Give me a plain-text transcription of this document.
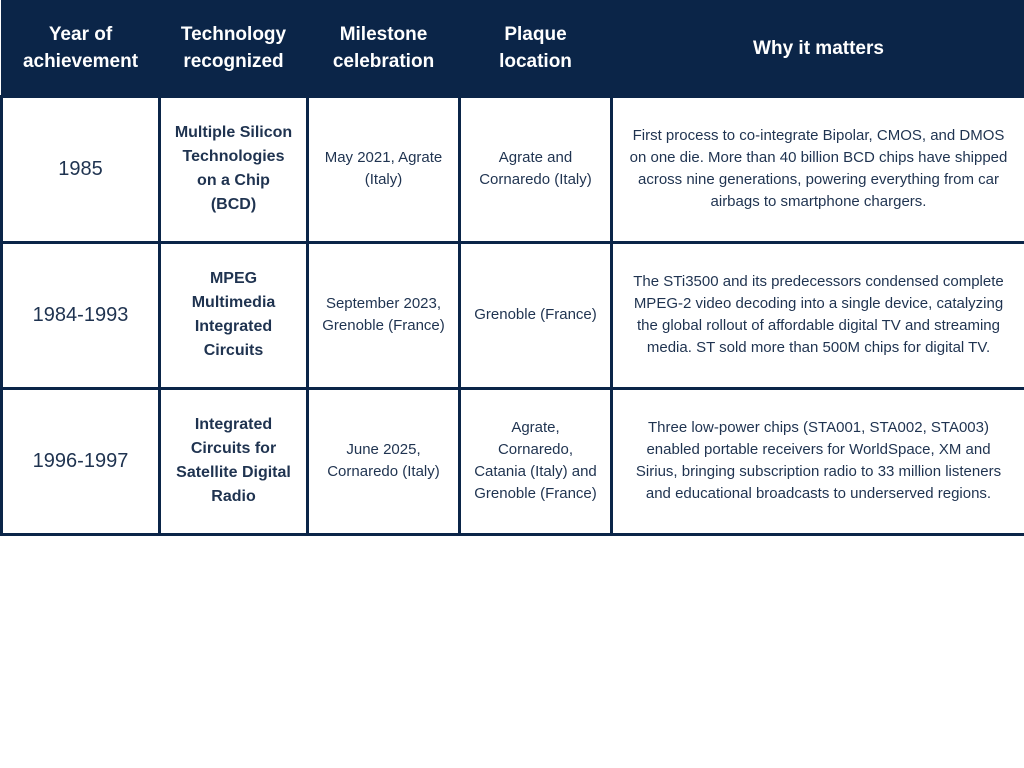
Year of achievement	Technology recognized	Milestone celebration	Plaque location	Why it matters
1985	Multiple Silicon Technologies on a Chip (BCD)	May 2021, Agrate (Italy)	Agrate and Cornaredo (Italy)	First process to co-integrate Bipolar, CMOS, and DMOS on one die. More than 40 billion BCD chips have shipped across nine generations, powering everything from car airbags to smartphone chargers.
1984-1993	MPEG Multimedia Integrated Circuits	September 2023, Grenoble (France)	Grenoble (France)	The STi3500 and its predecessors condensed complete MPEG-2 video decoding into a single device, catalyzing the global rollout of affordable digital TV and streaming media. ST sold more than 500M chips for digital TV.
1996-1997	Integrated Circuits for Satellite Digital Radio	June 2025, Cornaredo (Italy)	Agrate, Cornaredo, Catania (Italy) and Grenoble (France)	Three low-power chips (STA001, STA002, STA003) enabled portable receivers for WorldSpace, XM and Sirius, bringing subscription radio to 33 million listeners and educational broadcasts to underserved regions.
